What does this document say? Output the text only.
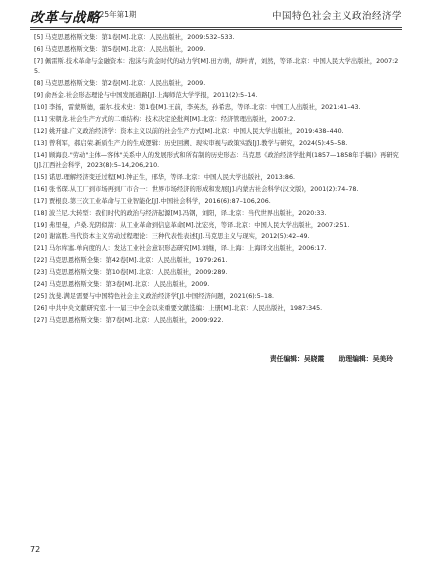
改革与战略
2025年第1期	中国特色社会主义政治经济学
[5] 马克思恩格斯文集：第1卷[M].北京：人民出版社，2009:532–533.
[6] 马克思恩格斯文集：第5卷[M].北京：人民出版社，2009.
[7] 佩雷斯.技术革命与金融资本：泡沫与黄金时代的动力学[M].田方萌，胡叶青，刘然，等译.北京：中国人民大学出版社，2007:25.
[8] 马克思恩格斯文集：第2卷[M].北京：人民出版社，2009.
[9] 俞吾金.社会形态理论与中国发展道路[J].上海师范大学学报，2011(2):5–14.
[10] 李扬，雷蒙斯德，霍尔.技术史：第1卷[M].王前，李英杰，孙希忠，等译.北京：中国工人出版社，2021:41–43.
[11] 宋朝龙.社会生产方式的二重结构：技术决定论批判[M].北京：经济管理出版社，2007:2.
[12] 姚开建.广义政治经济学：资本主义以前的社会生产方式[M].北京：中国人民大学出版社，2019:438–440.
[13] 曾利军，郝启荣.新质生产力的生成逻辑：历史回溯、现实审视与政策实践[J].教学与研究，2024(5):45–58.
[14] 顾海良."劳动"主体—客体"关系中人的发展形式和所有制的历史形态：马克思《政治经济学批判(1857—1858年手稿)》再研究[J].江西社会科学，2023(8):5–14,206,210.
[15] 诺思.理解经济变迁过程[M].钟正生，邢华，等译.北京：中国人民大学出版社，2013:86.
[16] 张书琛.从工厂到市场再到厂市合一：世界市场经济的形成和发展[J].内蒙古社会科学(汉文版)，2001(2):74–78.
[17] 贾根良.第三次工业革命与工业智能化[J].中国社会科学，2016(6):87–106,206.
[18] 波兰尼.大转型：我们时代的政治与经济起源[M].冯钢，刘阳，译.北京：当代世界出版社，2020:33.
[19] 弗里曼，卢桑.光阴似箭：从工业革命到信息革命[M].沈宏亮，等译.北京：中国人民大学出版社，2007:251.
[20] 谢富胜.当代资本主义劳动过程理论：三种代表性表述[J].马克思主义与现实，2012(5):42–49.
[21] 马尔库塞.单向度的人：发达工业社会意识形态研究[M].刘继，译.上海：上海译文出版社，2006:17.
[22] 马克思恩格斯全集：第42卷[M].北京：人民出版社，1979:261.
[23] 马克思恩格斯文集：第10卷[M].北京：人民出版社，2009:289.
[24] 马克思恩格斯文集：第3卷[M].北京：人民出版社，2009.
[25] 沈斐.满足需要与中国特色社会主义政治经济学[J].中国经济问题，2021(6):5–18.
[26] 中共中央文献研究室.十一届三中全会以来重要文献选编：上册[M].北京：人民出版社，1987:345.
[27] 马克思恩格斯文集：第7卷[M].北京：人民出版社，2009:922.
责任编辑：吴晓霞 助理编辑：吴美玲
72
